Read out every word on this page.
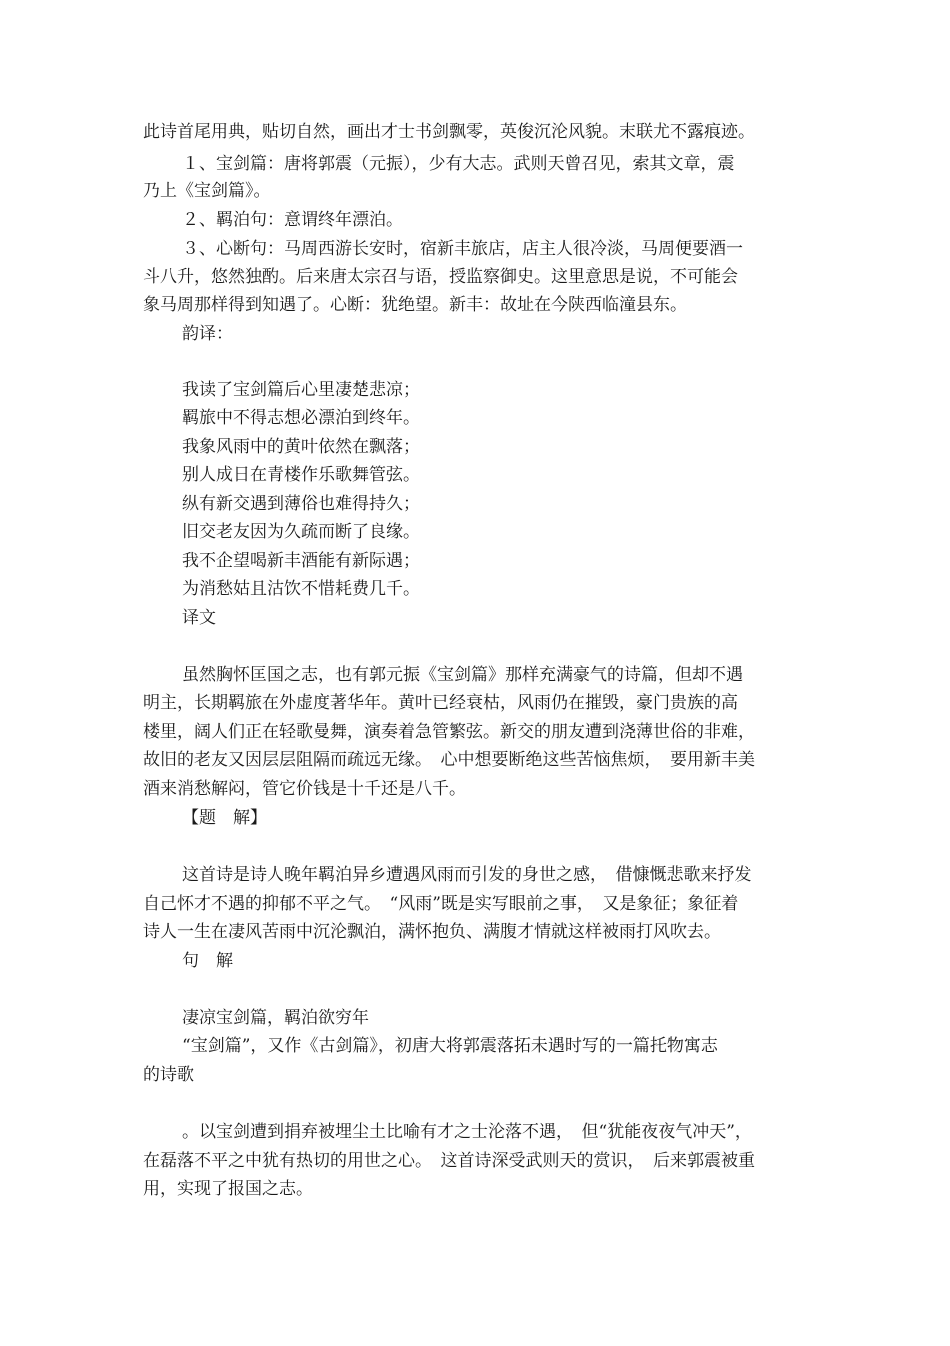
此诗首尾用典，贴切自然，画出才士书剑飘零，英俊沉沦风貌。末联尤不露痕迹。
１、宝剑篇：唐将郭震（元振），少有大志。武则天曾召见，索其文章，震
乃上《宝剑篇》。
２、羁泊句：意谓终年漂泊。
３、心断句：马周西游长安时，宿新丰旅店，店主人很冷淡，马周便要酒一
斗八升，悠然独酌。后来唐太宗召与语，授监察御史。这里意思是说，不可能会
象马周那样得到知遇了。心断：犹绝望。新丰：故址在今陕西临潼县东。
韵译：
我读了宝剑篇后心里凄楚悲凉；
羁旅中不得志想必漂泊到终年。
我象风雨中的黄叶依然在飘落；
别人成日在青楼作乐歌舞管弦。
纵有新交遇到薄俗也难得持久；
旧交老友因为久疏而断了良缘。
我不企望喝新丰酒能有新际遇；
为消愁姑且沽饮不惜耗费几千。
译文
虽然胸怀匡国之志，也有郭元振《宝剑篇》那样充满豪气的诗篇，但却不遇
明主，长期羁旅在外虚度著华年。黄叶已经衰枯，风雨仍在摧毁，豪门贵族的高
楼里，阔人们正在轻歌曼舞，演奏着急管繁弦。新交的朋友遭到浇薄世俗的非难，
故旧的老友又因层层阻隔而疏远无缘。　心中想要断绝这些苦恼焦烦，　要用新丰美
酒来消愁解闷，管它价钱是十千还是八千。
【题　解】
这首诗是诗人晚年羁泊异乡遭遇风雨而引发的身世之感，　借慷慨悲歌来抒发
自己怀才不遇的抑郁不平之气。　“风雨”既是实写眼前之事，　又是象征；象征着
诗人一生在凄风苦雨中沉沦飘泊，满怀抱负、满腹才情就这样被雨打风吹去。
句　解
凄凉宝剑篇，羁泊欲穷年
“宝剑篇”，又作《古剑篇》，初唐大将郭震落拓未遇时写的一篇托物寓志
的诗歌
。以宝剑遭到捐弃被埋尘土比喻有才之士沦落不遇，　但“犹能夜夜气冲天”，
在磊落不平之中犹有热切的用世之心。　这首诗深受武则天的赏识，　后来郭震被重
用，实现了报国之志。
